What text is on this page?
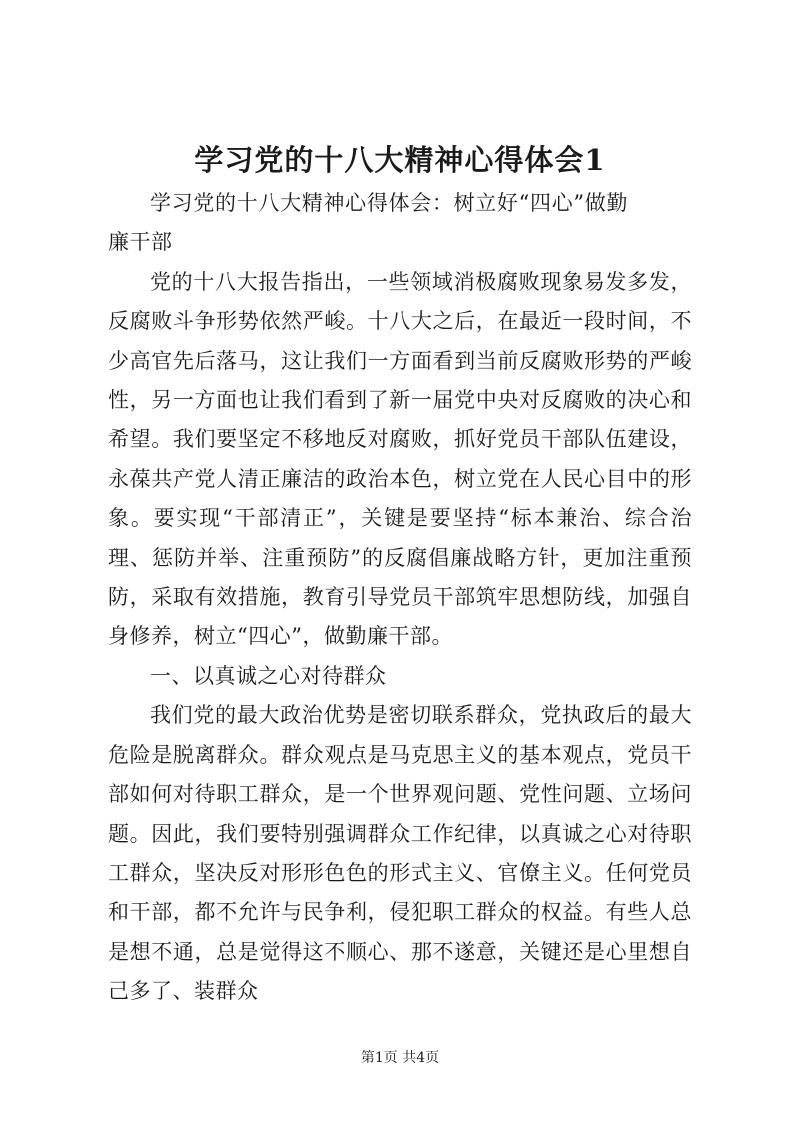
学习党的十八大精神心得体会1

学习党的十八大精神心得体会：树立好“四心”做勤廉干部

党的十八大报告指出，一些领域消极腐败现象易发多发，反腐败斗争形势依然严峻。十八大之后，在最近一段时间，不少高官先后落马，这让我们一方面看到当前反腐败形势的严峻性，另一方面也让我们看到了新一届党中央对反腐败的决心和希望。我们要坚定不移地反对腐败，抓好党员干部队伍建设，永葆共产党人清正廉洁的政治本色，树立党在人民心目中的形象。要实现“干部清正”，关键是要坚持“标本兼治、综合治理、惩防并举、注重预防”的反腐倡廉战略方针，更加注重预防，采取有效措施，教育引导党员干部筑牢思想防线，加强自身修养，树立“四心”，做勤廉干部。

一、以真诚之心对待群众

我们党的最大政治优势是密切联系群众，党执政后的最大危险是脱离群众。群众观点是马克思主义的基本观点，党员干部如何对待职工群众，是一个世界观问题、党性问题、立场问题。因此，我们要特别强调群众工作纪律，以真诚之心对待职工群众，坚决反对形形色色的形式主义、官僚主义。任何党员和干部，都不允许与民争利，侵犯职工群众的权益。有些人总是想不通，总是觉得这不顺心、那不遂意，关键还是心里想自己多了、装群众

第1页 共4页
